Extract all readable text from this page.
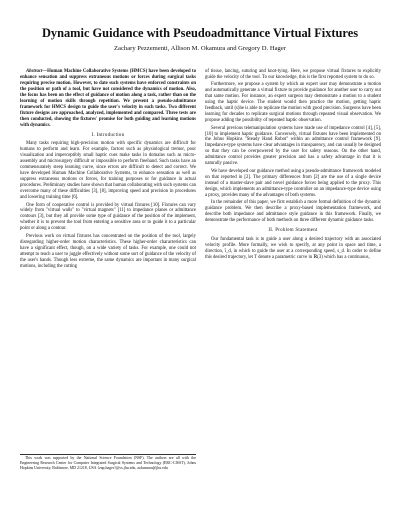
Dynamic Guidance with Pseudoadmittance Virtual Fixtures
Zachary Pezzementi, Allison M. Okamura and Gregory D. Hager

Abstract—Human Machine Collaborative Systems (HMCS) have been developed to enhance sensation and suppress extraneous motions or forces during surgical tasks requiring precise motion. However, to date such systems have enforced constraints on the position or path of a tool, but have not considered the dynamics of motion. Also, the focus has been on the effect of guidance of motion along a task, rather than on the learning of motion skills through repetition. We present a pseudo-admittance framework for HMCS design to guide the user's velocity in such tasks. Two different fixture designs are approached, analyzed, implemented and compared. Three tests are then conducted, showing the fixtures' promise for both guiding and learning motions with dynamics.

I. Introduction

Many tasks requiring high-precision motion with specific dynamics are difficult for humans to perform and learn. For example, factors such as physiological tremor, poor visualization and imperceptibly small haptic cues make tasks in domains such as micro-assembly and microsurgery difficult or impossible to perform freehand. Such tasks have an commensurately steep learning curve, since errors are difficult to detect and correct. We have developed Human Machine Collaborative Systems, to enhance sensation as well as suppress extraneous motions or forces, for training purposes or for guidance in actual procedures. Preliminary studies have shown that human collaborating with such systems can overcome many of these difficulties [3], [8], improving speed and precision in procedures and lowering training time [6].

One form of cooperative control is provided by virtual fixtures [10]. Fixtures can vary widely from "virtual walls" to "virtual magnets" [11] to impedance planes or admittance contours [3], but they all provide some type of guidance of the position of the implement, whether it is to prevent the tool from entering a sensitive area or to guide it to a particular point or along a contour.

Previous work on virtual fixtures has concentrated on the position of the tool, largely disregarding higher-order motion characteristics. These higher-order characteristics can have a significant effect, though, on a wide variety of tasks. For example, one could not attempt to teach a user to juggle effectively without some sort of guidance of the velocity of the user's hands. Though less extreme, the same dynamics are important in many surgical motions, including the cutting

This work was supported by the National Science Foundation (NSF). The authors are all with the Engineering Research Center for Computer Integrated Surgical Systems and Technology (ERC-CISST), Johns Hopkins University, Baltimore, MD 21218, USA {zap,hager}@cs.jhu.edu, aokamura@jhu.edu

of tissue, lancing, suturing and knot-tying. Here, we propose virtual fixtures to explicitly guide the velocity of the tool. To our knowledge, this is the first reported system to do so.

Furthermore, we propose a system by which an expert user may demonstrate a motion and automatically generate a virtual fixture to provide guidance for another user to carry out that same motion. For instance, an expert surgeon may demonstrate a motion to a student using the haptic device. The student would then practice the motion, getting haptic feedback, until (s)he is able to replicate the motion with good precision. Surgeons have been learning for decades to replicate surgical motions through repeated visual observation. We propose adding the possibility of repeated haptic observation.

Several previous telemanipulation systems have made use of impedance control [4], [5], [10] to implement haptic guidance. Conversely, virtual fixtures have been implemented on the Johns Hopkins "Steady Hand Robot" within an admittance control framework [9]. Impedance-type systems have clear advantages in transparency, and can usually be designed so that they can be overpowered by the user for safety reasons. On the other hand, admittance control provides greater precision and has a safety advantage in that it is naturally passive.

We have developed our guidance method using a pseudo-admittance framework modeled on that reported in [2]. The primary differences from [2] are the use of a single device instead of a master-slave pair and novel guidance forces being applied to the proxy. This design, which implements an admittance-type controller on an impedance-type device using a proxy, provides many of the advantages of both systems.

In the remainder of this paper, we first establish a more formal definition of the dynamic guidance problem. We then describe a proxy-based implementation framework, and describe both impedance and admittance style guidance in this framework. Finally, we demonstrate the performance of both methods on three different dynamic guidance tasks.

II. Problem Statement

Our fundamental task is to guide a user along a desired trajectory with an associated velocity profile. More formally, we wish to specify, at any point in space and time, a direction, î_d, in which to guide the user at a corresponding speed, s_d. In order to define this desired trajectory, let T denote a parametric curve in ℝ(3) which has a continuous,
